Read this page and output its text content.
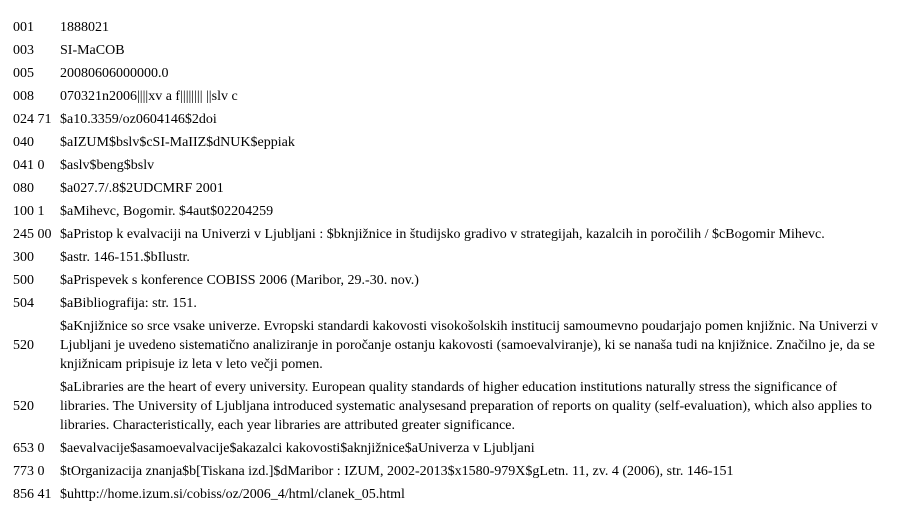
001	1888021
003	SI-MaCOB
005	20080606000000.0
008	070321n2006||||xv a f|||||||| ||slv c
024 71	$a10.3359/oz0604146$2doi
040	$aIZUM$bslv$cSI-MaIIZ$dNUK$eppiak
041 0	$aslv$beng$bslv
080	$a027.7/.8$2UDCMRF 2001
100 1	$aMihevc, Bogomir. $4aut$02204259
245 00	$aPristop k evalvaciji na Univerzi v Ljubljani : $bknjižnice in študijsko gradivo v strategijah, kazalcih in poročilih / $cBogomir Mihevc.
300	$astr. 146-151.$bIlustr.
500	$aPrispevek s konference COBISS 2006 (Maribor, 29.-30. nov.)
504	$aBibliografija: str. 151.
520	$aKnjižnice so srce vsake univerze. Evropski standardi kakovosti visokošolskih institucij samoumevno poudarjajo pomen knjižnic. Na Univerzi v Ljubljani je uvedeno sistematično analiziranje in poročanje ostanju kakovosti (samoevalviranje), ki se nanaša tudi na knjižnice. Značilno je, da se knjižnicam pripisuje iz leta v leto večji pomen.
520	$aLibraries are the heart of every university. European quality standards of higher education institutions naturally stress the significance of libraries. The University of Ljubljana introduced systematic analysesand preparation of reports on quality (self-evaluation), which also applies to libraries. Characteristically, each year libraries are attributed greater significance.
653 0	$aevalvacije$asamoevalvacije$akazalci kakovosti$aknjižnice$aUniverza v Ljubljani
773 0	$tOrganizacija znanja$b[Tiskana izd.]$dMaribor : IZUM, 2002-2013$x1580-979X$gLetn. 11, zv. 4 (2006), str. 146-151
856 41	$uhttp://home.izum.si/cobiss/oz/2006_4/html/clanek_05.html
